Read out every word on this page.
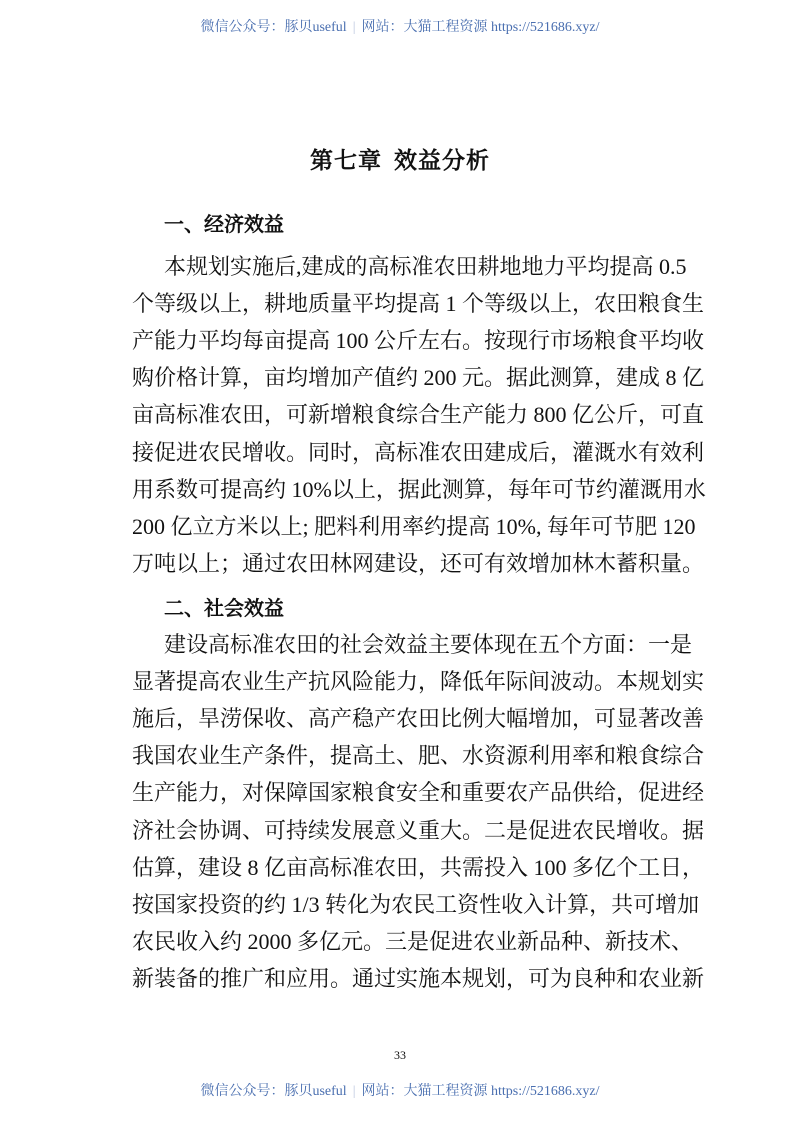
微信公众号：豚贝useful | 网站：大猫工程资源 https://521686.xyz/
第七章 效益分析
一、经济效益
本规划实施后,建成的高标准农田耕地地力平均提高 0.5
个等级以上，耕地质量平均提高 1 个等级以上，农田粮食生
产能力平均每亩提高 100 公斤左右。按现行市场粮食平均收
购价格计算，亩均增加产值约 200 元。据此测算，建成 8 亿
亩高标准农田，可新增粮食综合生产能力 800 亿公斤，可直
接促进农民增收。同时，高标准农田建成后，灌溉水有效利
用系数可提高约 10%以上，据此测算，每年可节约灌溉用水
200 亿立方米以上; 肥料利用率约提高 10%, 每年可节肥 120
万吨以上；通过农田林网建设，还可有效增加林木蓄积量。
二、社会效益
建设高标准农田的社会效益主要体现在五个方面：一是
显著提高农业生产抗风险能力，降低年际间波动。本规划实
施后，旱涝保收、高产稳产农田比例大幅增加，可显著改善
我国农业生产条件，提高土、肥、水资源利用率和粮食综合
生产能力，对保障国家粮食安全和重要农产品供给，促进经
济社会协调、可持续发展意义重大。二是促进农民增收。据
估算，建设 8 亿亩高标准农田，共需投入 100 多亿个工日，
按国家投资的约 1/3 转化为农民工资性收入计算，共可增加
农民收入约 2000 多亿元。三是促进农业新品种、新技术、
新装备的推广和应用。通过实施本规划，可为良种和农业新
33
微信公众号：豚贝useful | 网站：大猫工程资源 https://521686.xyz/
